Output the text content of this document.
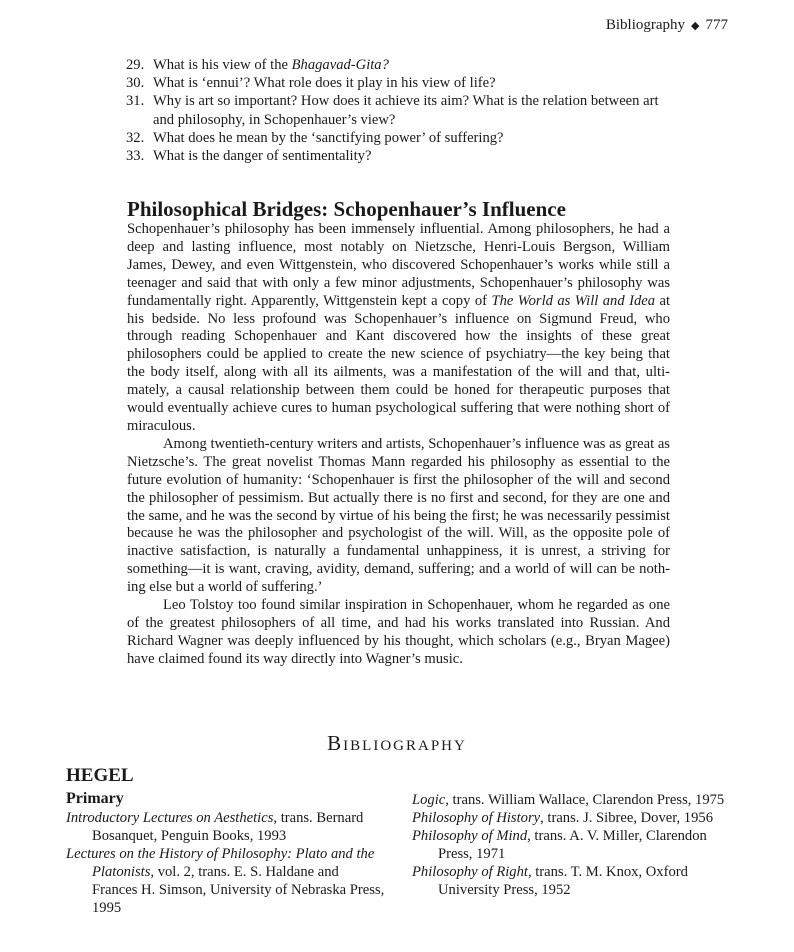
Bibliography ◆ 777
29. What is his view of the Bhagavad-Gita?
30. What is ‘ennui’? What role does it play in his view of life?
31. Why is art so important? How does it achieve its aim? What is the relation between art and philosophy, in Schopenhauer’s view?
32. What does he mean by the ‘sanctifying power’ of suffering?
33. What is the danger of sentimentality?
Philosophical Bridges: Schopenhauer’s Influence

Schopenhauer’s philosophy has been immensely influential. Among philosophers, he had a deep and lasting influence, most notably on Nietzsche, Henri-Louis Bergson, William James, Dewey, and even Wittgenstein, who discovered Schopenhauer’s works while still a teenager and said that with only a few minor adjustments, Schopenhauer’s philosophy was fundamentally right. Apparently, Wittgenstein kept a copy of The World as Will and Idea at his bedside. No less profound was Schopenhauer’s influence on Sigmund Freud, who through reading Schopenhauer and Kant discovered how the insights of these great philosophers could be applied to create the new science of psychiatry—the key being that the body itself, along with all its ailments, was a manifestation of the will and that, ulti-mately, a causal relationship between them could be honed for therapeutic purposes that would eventually achieve cures to human psychological suffering that were nothing short of miraculous.

Among twentieth-century writers and artists, Schopenhauer’s influence was as great as Nietzsche’s. The great novelist Thomas Mann regarded his philosophy as essential to the future evolution of humanity: ‘Schopenhauer is first the philosopher of the will and second the philosopher of pessimism. But actually there is no first and second, for they are one and the same, and he was the second by virtue of his being the first; he was necessarily pessimist because he was the philosopher and psychologist of the will. Will, as the opposite pole of inactive satisfaction, is naturally a fundamental unhappiness, it is unrest, a striving for something—it is want, craving, avidity, demand, suffering; and a world of will can be noth-ing else but a world of suffering.’

Leo Tolstoy too found similar inspiration in Schopenhauer, whom he regarded as one of the greatest philosophers of all time, and had his works translated into Russian. And Richard Wagner was deeply influenced by his thought, which scholars (e.g., Bryan Magee) have claimed found its way directly into Wagner’s music.

Bibliography
HEGEL
Primary
Introductory Lectures on Aesthetics, trans. Bernard Bosanquet, Penguin Books, 1993
Lectures on the History of Philosophy: Plato and the Platonists, vol. 2, trans. E. S. Haldane and Frances H. Simson, University of Nebraska Press, 1995
Logic, trans. William Wallace, Clarendon Press, 1975
Philosophy of History, trans. J. Sibree, Dover, 1956
Philosophy of Mind, trans. A. V. Miller, Clarendon Press, 1971
Philosophy of Right, trans. T. M. Knox, Oxford University Press, 1952
